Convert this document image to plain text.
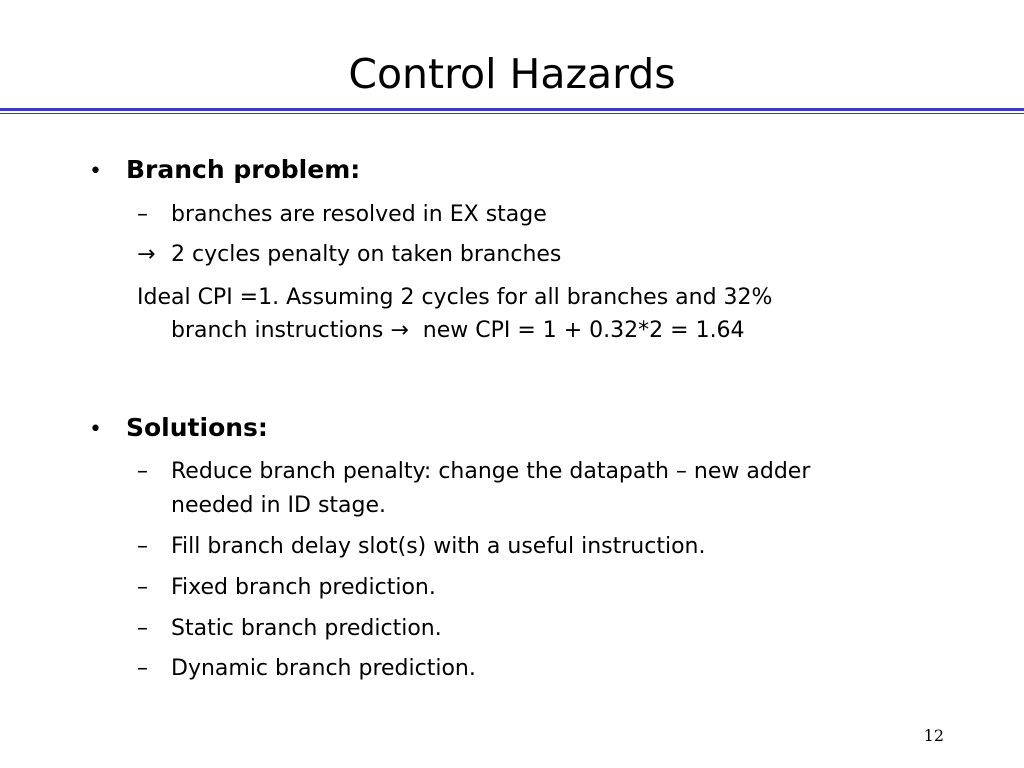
Control Hazards
• Branch problem:
– branches are resolved in EX stage
→ 2 cycles penalty on taken branches
Ideal CPI =1. Assuming 2 cycles for all branches and 32%
branch instructions → new CPI = 1 + 0.32*2 = 1.64
• Solutions:
– Reduce branch penalty: change the datapath – new adder
needed in ID stage.
– Fill branch delay slot(s) with a useful instruction.
– Fixed branch prediction.
– Static branch prediction.
– Dynamic branch prediction.
12
